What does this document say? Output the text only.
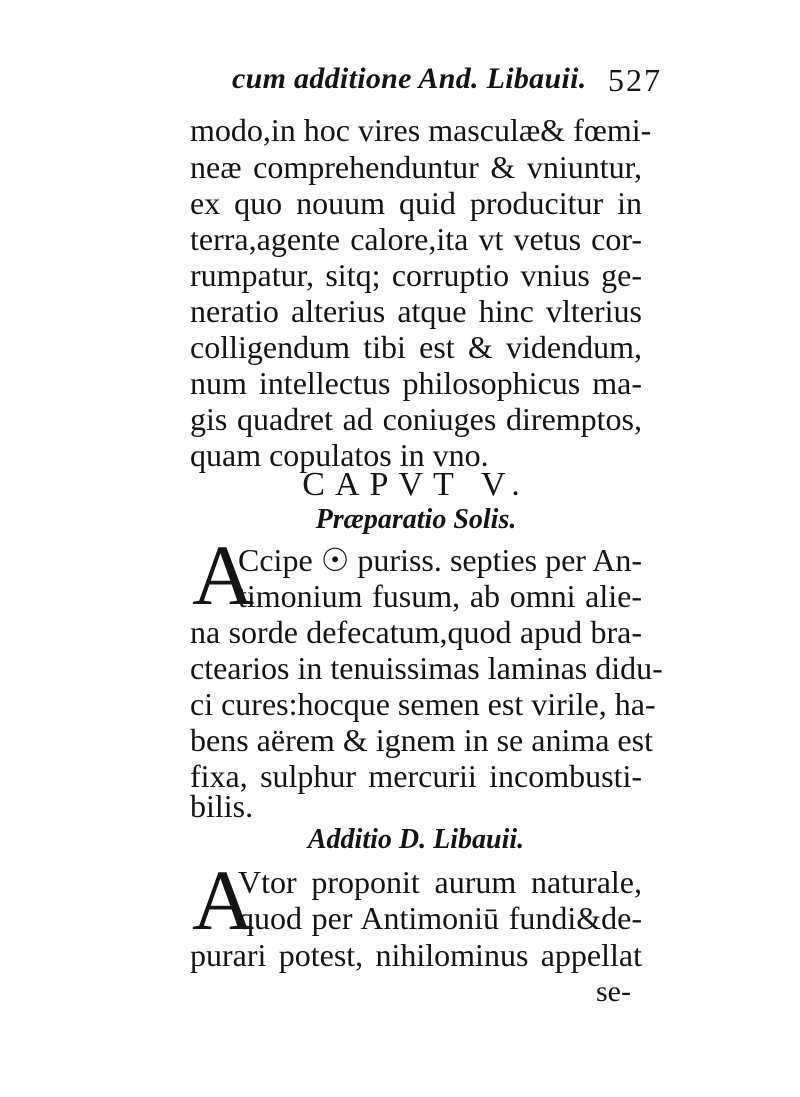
cum additione And. Libauii. 527
modo,in hoc vires masculæ& fœmi-
neæ comprehenduntur & vniuntur,
ex quo nouum quid producitur in
terra,agente calore,ita vt vetus cor-
rumpatur, sitq; corruptio vnius ge-
neratio alterius atque hinc vlterius
colligendum tibi est & videndum,
num intellectus philosophicus ma-
gis quadret ad coniuges diremptos,
quam copulatos in vno.
CAPVT V.
Præparatio Solis.
A
Ccipe ☉ puriss. septies per An-
timonium fusum, ab omni alie-
na sorde defecatum,quod apud bra-
ctearios in tenuissimas laminas didu-
ci cures:hocque semen est virile, ha-
bens aërem & ignem in se anima est
fixa, sulphur mercurii incombusti-
bilis.
Additio D. Libauii.
A
Vtor proponit aurum naturale,
quod per Antimoniū fundi&de-
purari potest, nihilominus appellat
se-
